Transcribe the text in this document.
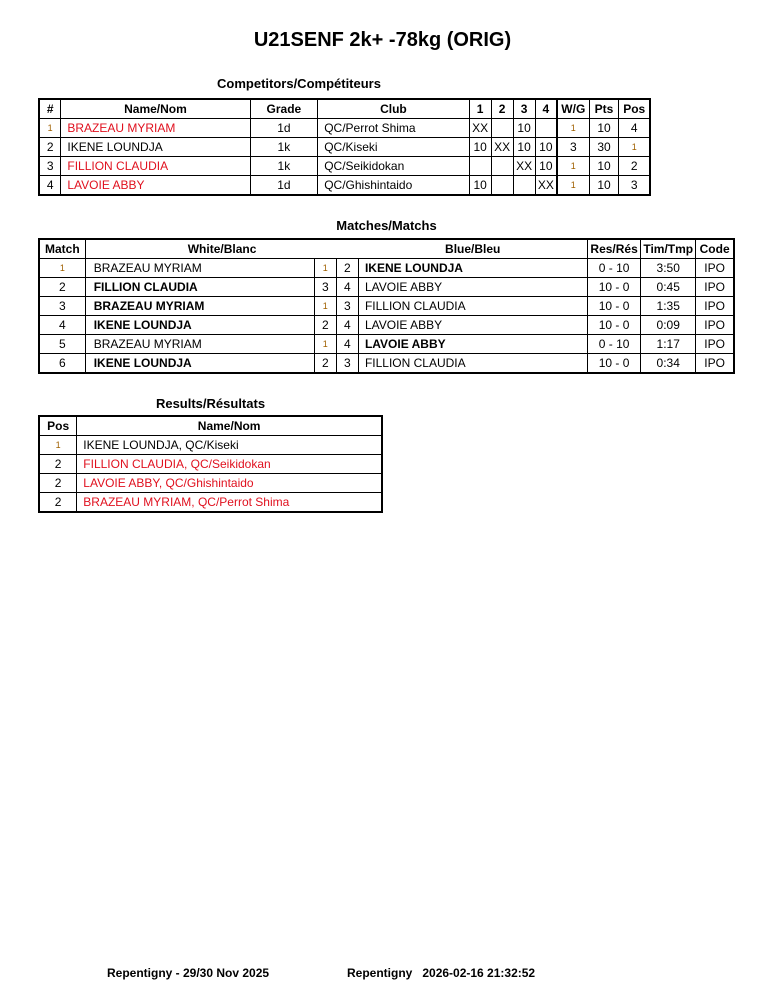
U21SENF 2k+ -78kg (ORIG)
Competitors/Compétiteurs
#	Name/Nom	Grade	Club	1	2	3	4	W/G	Pts	Pos
1	BRAZEAU MYRIAM	1d	QC/Perrot Shima	XX		10		1	10	4
2	IKENE LOUNDJA	1k	QC/Kiseki	10	XX	10	10	3	30	1
3	FILLION CLAUDIA	1k	QC/Seikidokan			XX	10	1	10	2
4	LAVOIE ABBY	1d	QC/Ghishintaido	10			XX	1	10	3
Matches/Matchs
Match	White/Blanc			Blue/Bleu	Res/Rés	Tim/Tmp	Code
1	BRAZEAU MYRIAM	1	2	IKENE LOUNDJA	0 - 10	3:50	IPO
2	FILLION CLAUDIA	3	4	LAVOIE ABBY	10 - 0	0:45	IPO
3	BRAZEAU MYRIAM	1	3	FILLION CLAUDIA	10 - 0	1:35	IPO
4	IKENE LOUNDJA	2	4	LAVOIE ABBY	10 - 0	0:09	IPO
5	BRAZEAU MYRIAM	1	4	LAVOIE ABBY	0 - 10	1:17	IPO
6	IKENE LOUNDJA	2	3	FILLION CLAUDIA	10 - 0	0:34	IPO
Results/Résultats
Pos	Name/Nom
1	IKENE LOUNDJA, QC/Kiseki
2	FILLION CLAUDIA, QC/Seikidokan
2	LAVOIE ABBY, QC/Ghishintaido
2	BRAZEAU MYRIAM, QC/Perrot Shima
Repentigny - 29/30 Nov 2025	Repentigny   2026-02-16 21:32:52
